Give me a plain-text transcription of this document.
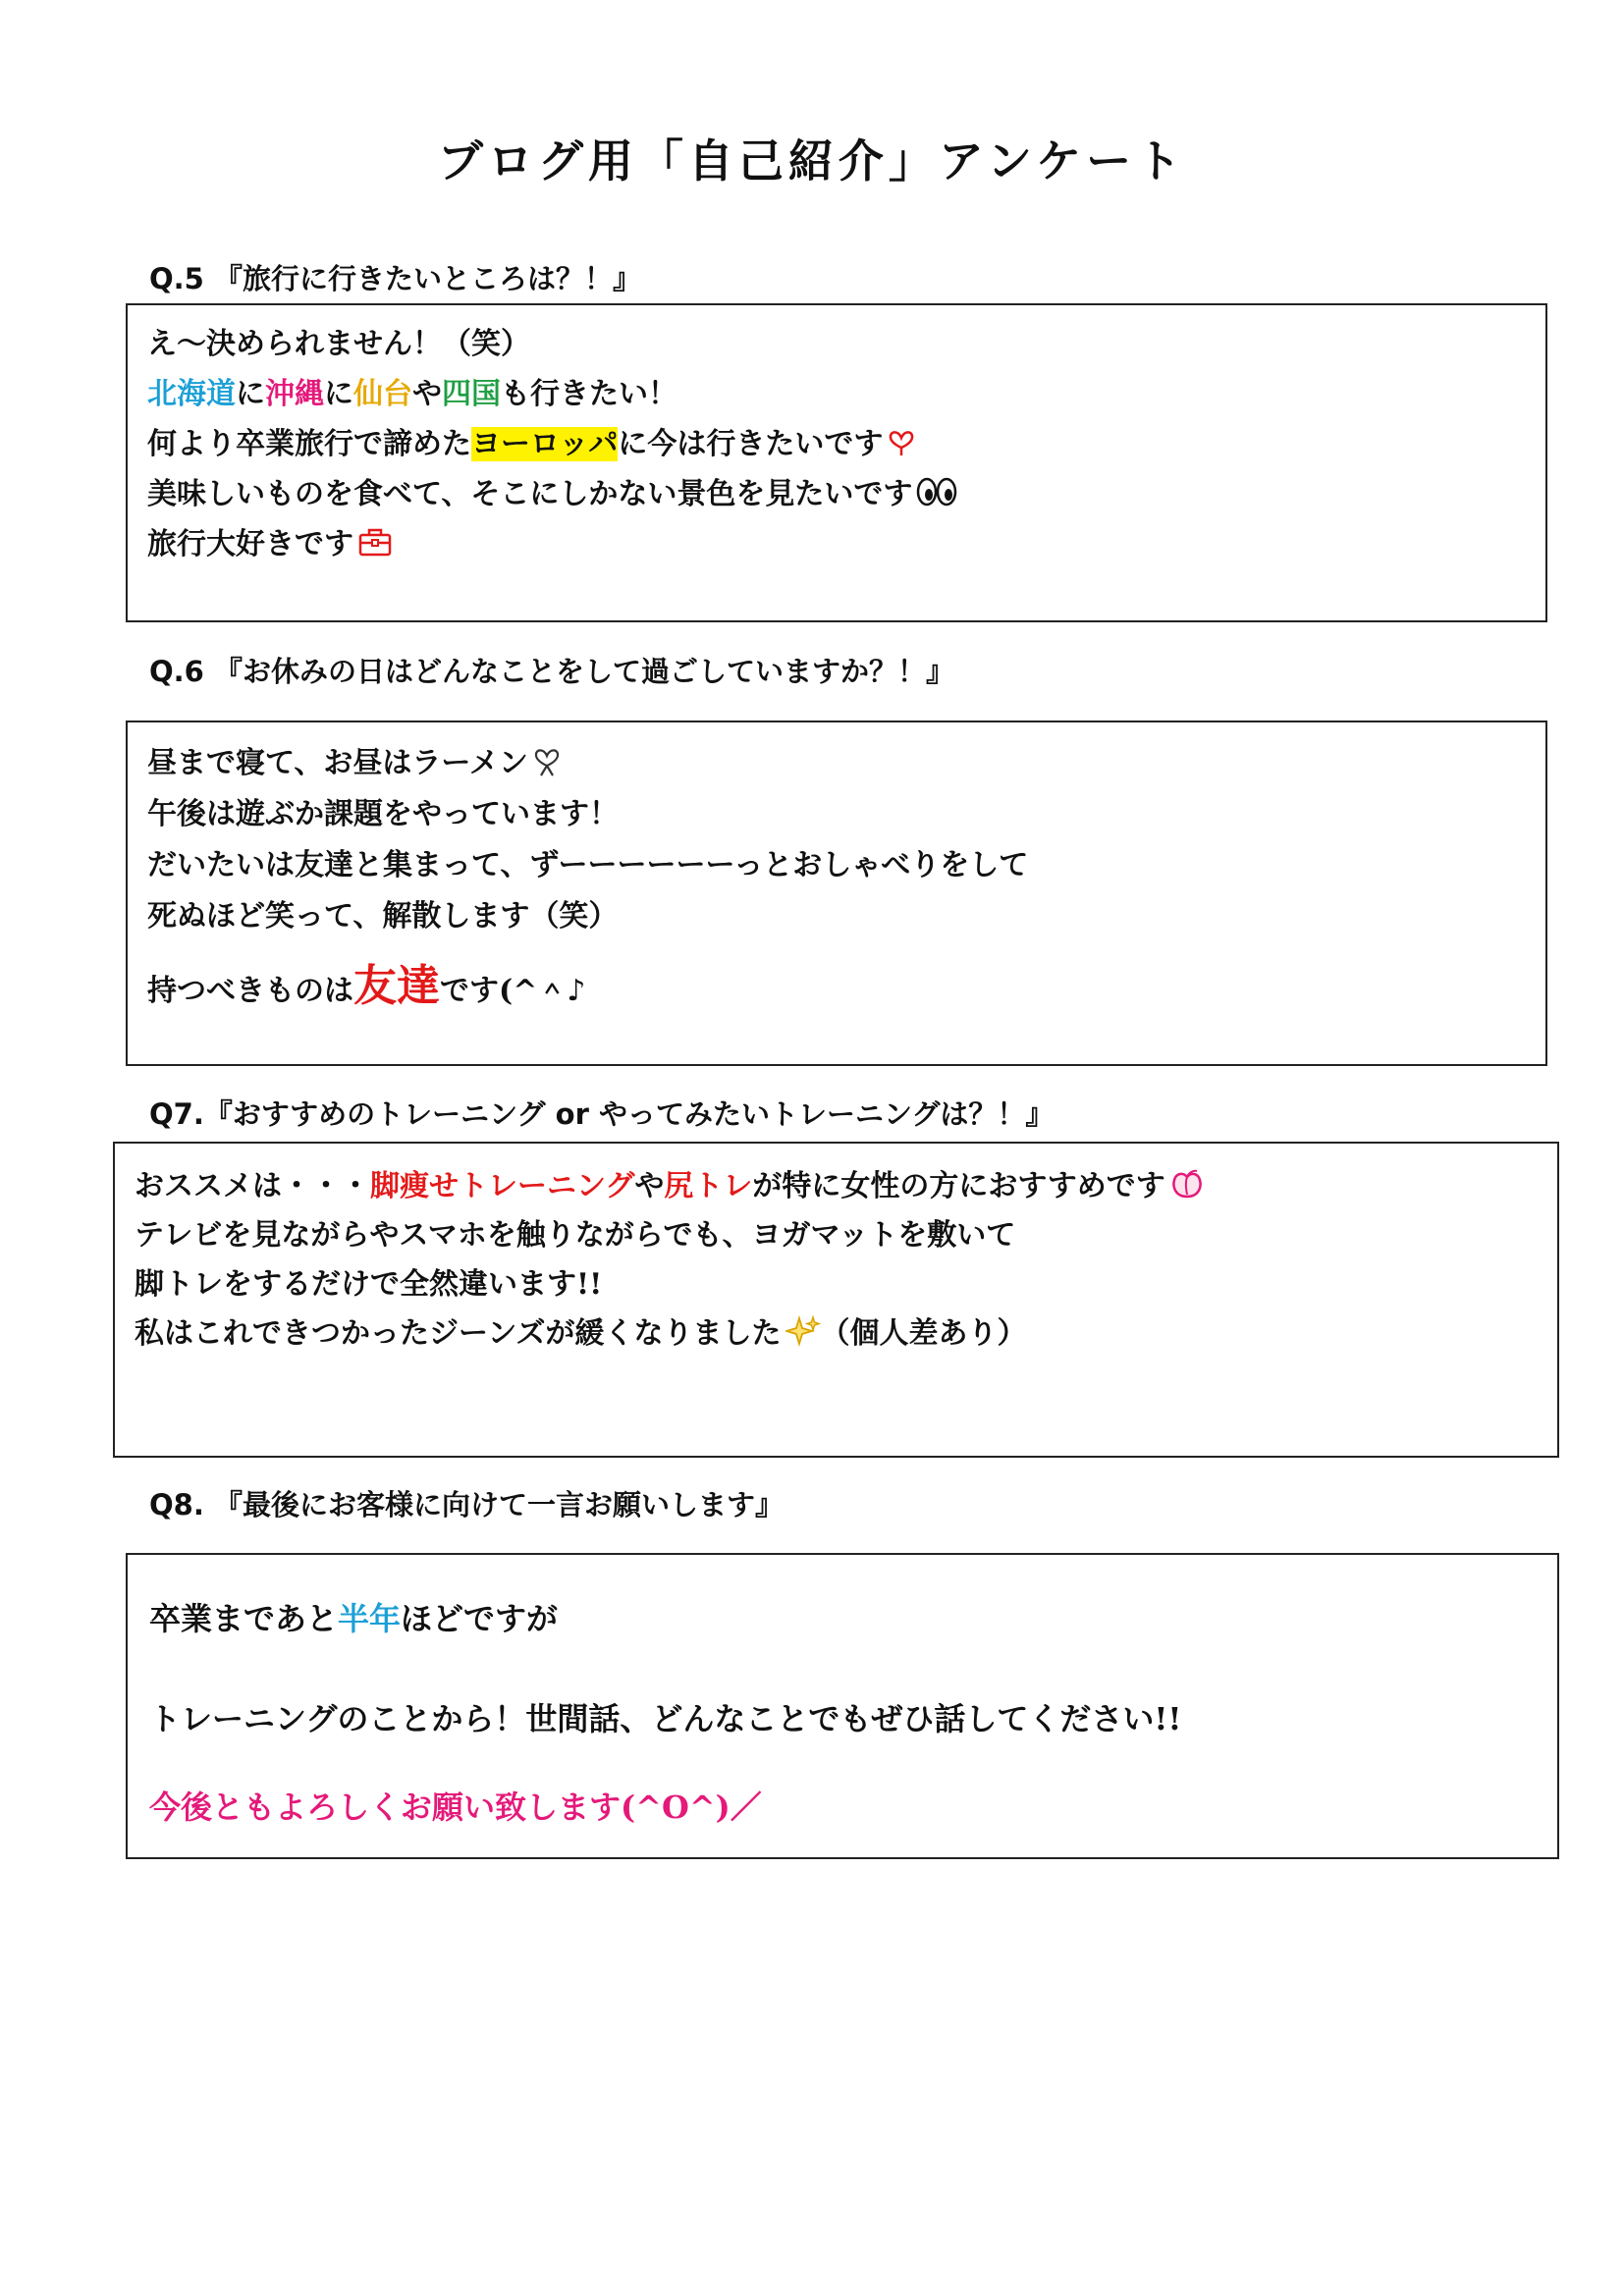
ブログ用「自己紹介」アンケート
Q.5 『旅行に行きたいところは？！』
え～決められません！（笑）
北海道に沖縄に仙台や四国も行きたい！
何より卒業旅行で諦めたヨーロッパに今は行きたいです
美味しいものを食べて、そこにしかない景色を見たいです
旅行大好きです
Q.6 『お休みの日はどんなことをして過ごしていますか？！』
昼まで寝て、お昼はラーメン
午後は遊ぶか課題をやっています！
だいたいは友達と集まって、ずーーーーーーっとおしゃべりをして
死ぬほど笑って、解散します（笑）
持つべきものは友達です(^＾♪
Q7.『おすすめのトレーニング or やってみたいトレーニングは？！』
おススメは・・・脚痩せトレーニングや尻トレが特に女性の方におすすめです
テレビを見ながらやスマホを触りながらでも、ヨガマットを敷いて
脚トレをするだけで全然違います!!
私はこれできつかったジーンズが緩くなりました （個人差あり）
Q8. 『最後にお客様に向けて一言お願いします』
卒業まであと半年ほどですが
トレーニングのことから！世間話、どんなことでもぜひ話してください!!
今後ともよろしくお願い致します(^O^)／
